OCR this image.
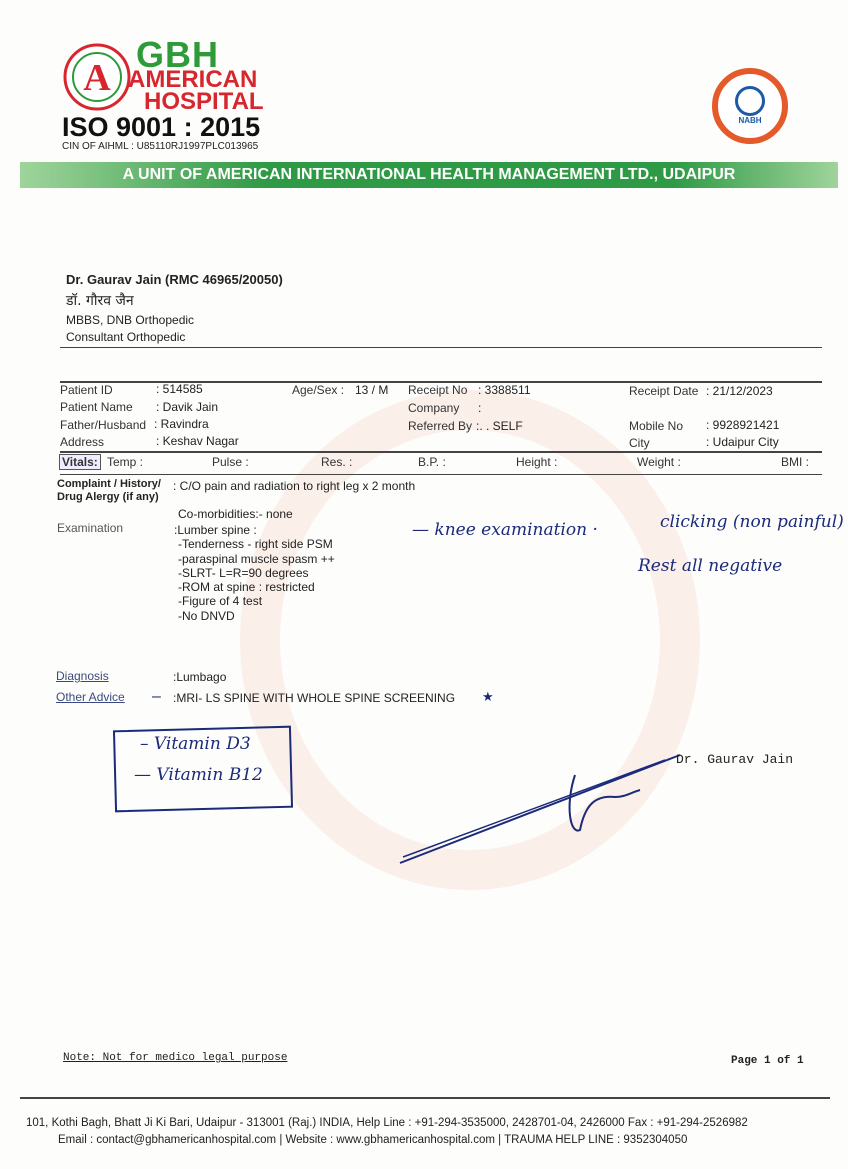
A
GBH
AMERICAN
HOSPITAL
ISO 9001 : 2015
CIN OF AIHML : U85110RJ1997PLC013965
NABH
A UNIT OF AMERICAN INTERNATIONAL HEALTH MANAGEMENT LTD., UDAIPUR
Dr. Gaurav Jain (RMC 46965/20050)
डॉ. गौरव जैन
MBBS, DNB Orthopedic
Consultant Orthopedic
Patient ID	: 514585
Patient Name : Davik Jain
Father/Husband : Ravindra
Address	: Keshav Nagar
Age/Sex : 13 / M Receipt No : 3388511
Company :
Referred By :. . SELF
Receipt Date : 21/12/2023
Mobile No : 9928921421
City	: Udaipur City
Vitals: Temp :	Pulse :	Res. :	B.P. :	Height :	Weight :	BMI :
Complaint / History/
Drug Alergy (if any)
: C/O pain and radiation to right leg x 2 month
Co-morbidities:- none
Examination	:Lumber spine :
-Tenderness - right side PSM
-paraspinal muscle spasm ++
-SLRT- L=R=90 degrees
-ROM at spine : restricted
-Figure of 4 test
-No DNVD
— knee examination ·	clicking (non painful)
Rest all negative
Diagnosis	:Lumbago
Other Advice – :MRI- LS SPINE WITH WHOLE SPINE SCREENING ★
– Vitamin D3
— Vitamin B12
Dr. Gaurav Jain
Note: Not for medico legal purpose	Page 1 of 1
101, Kothi Bagh, Bhatt Ji Ki Bari, Udaipur - 313001 (Raj.) INDIA, Help Line : +91-294-3535000, 2428701-04, 2426000 Fax : +91-294-2526982
Email : contact@gbhamericanhospital.com | Website : www.gbhamericanhospital.com | TRAUMA HELP LINE : 9352304050
